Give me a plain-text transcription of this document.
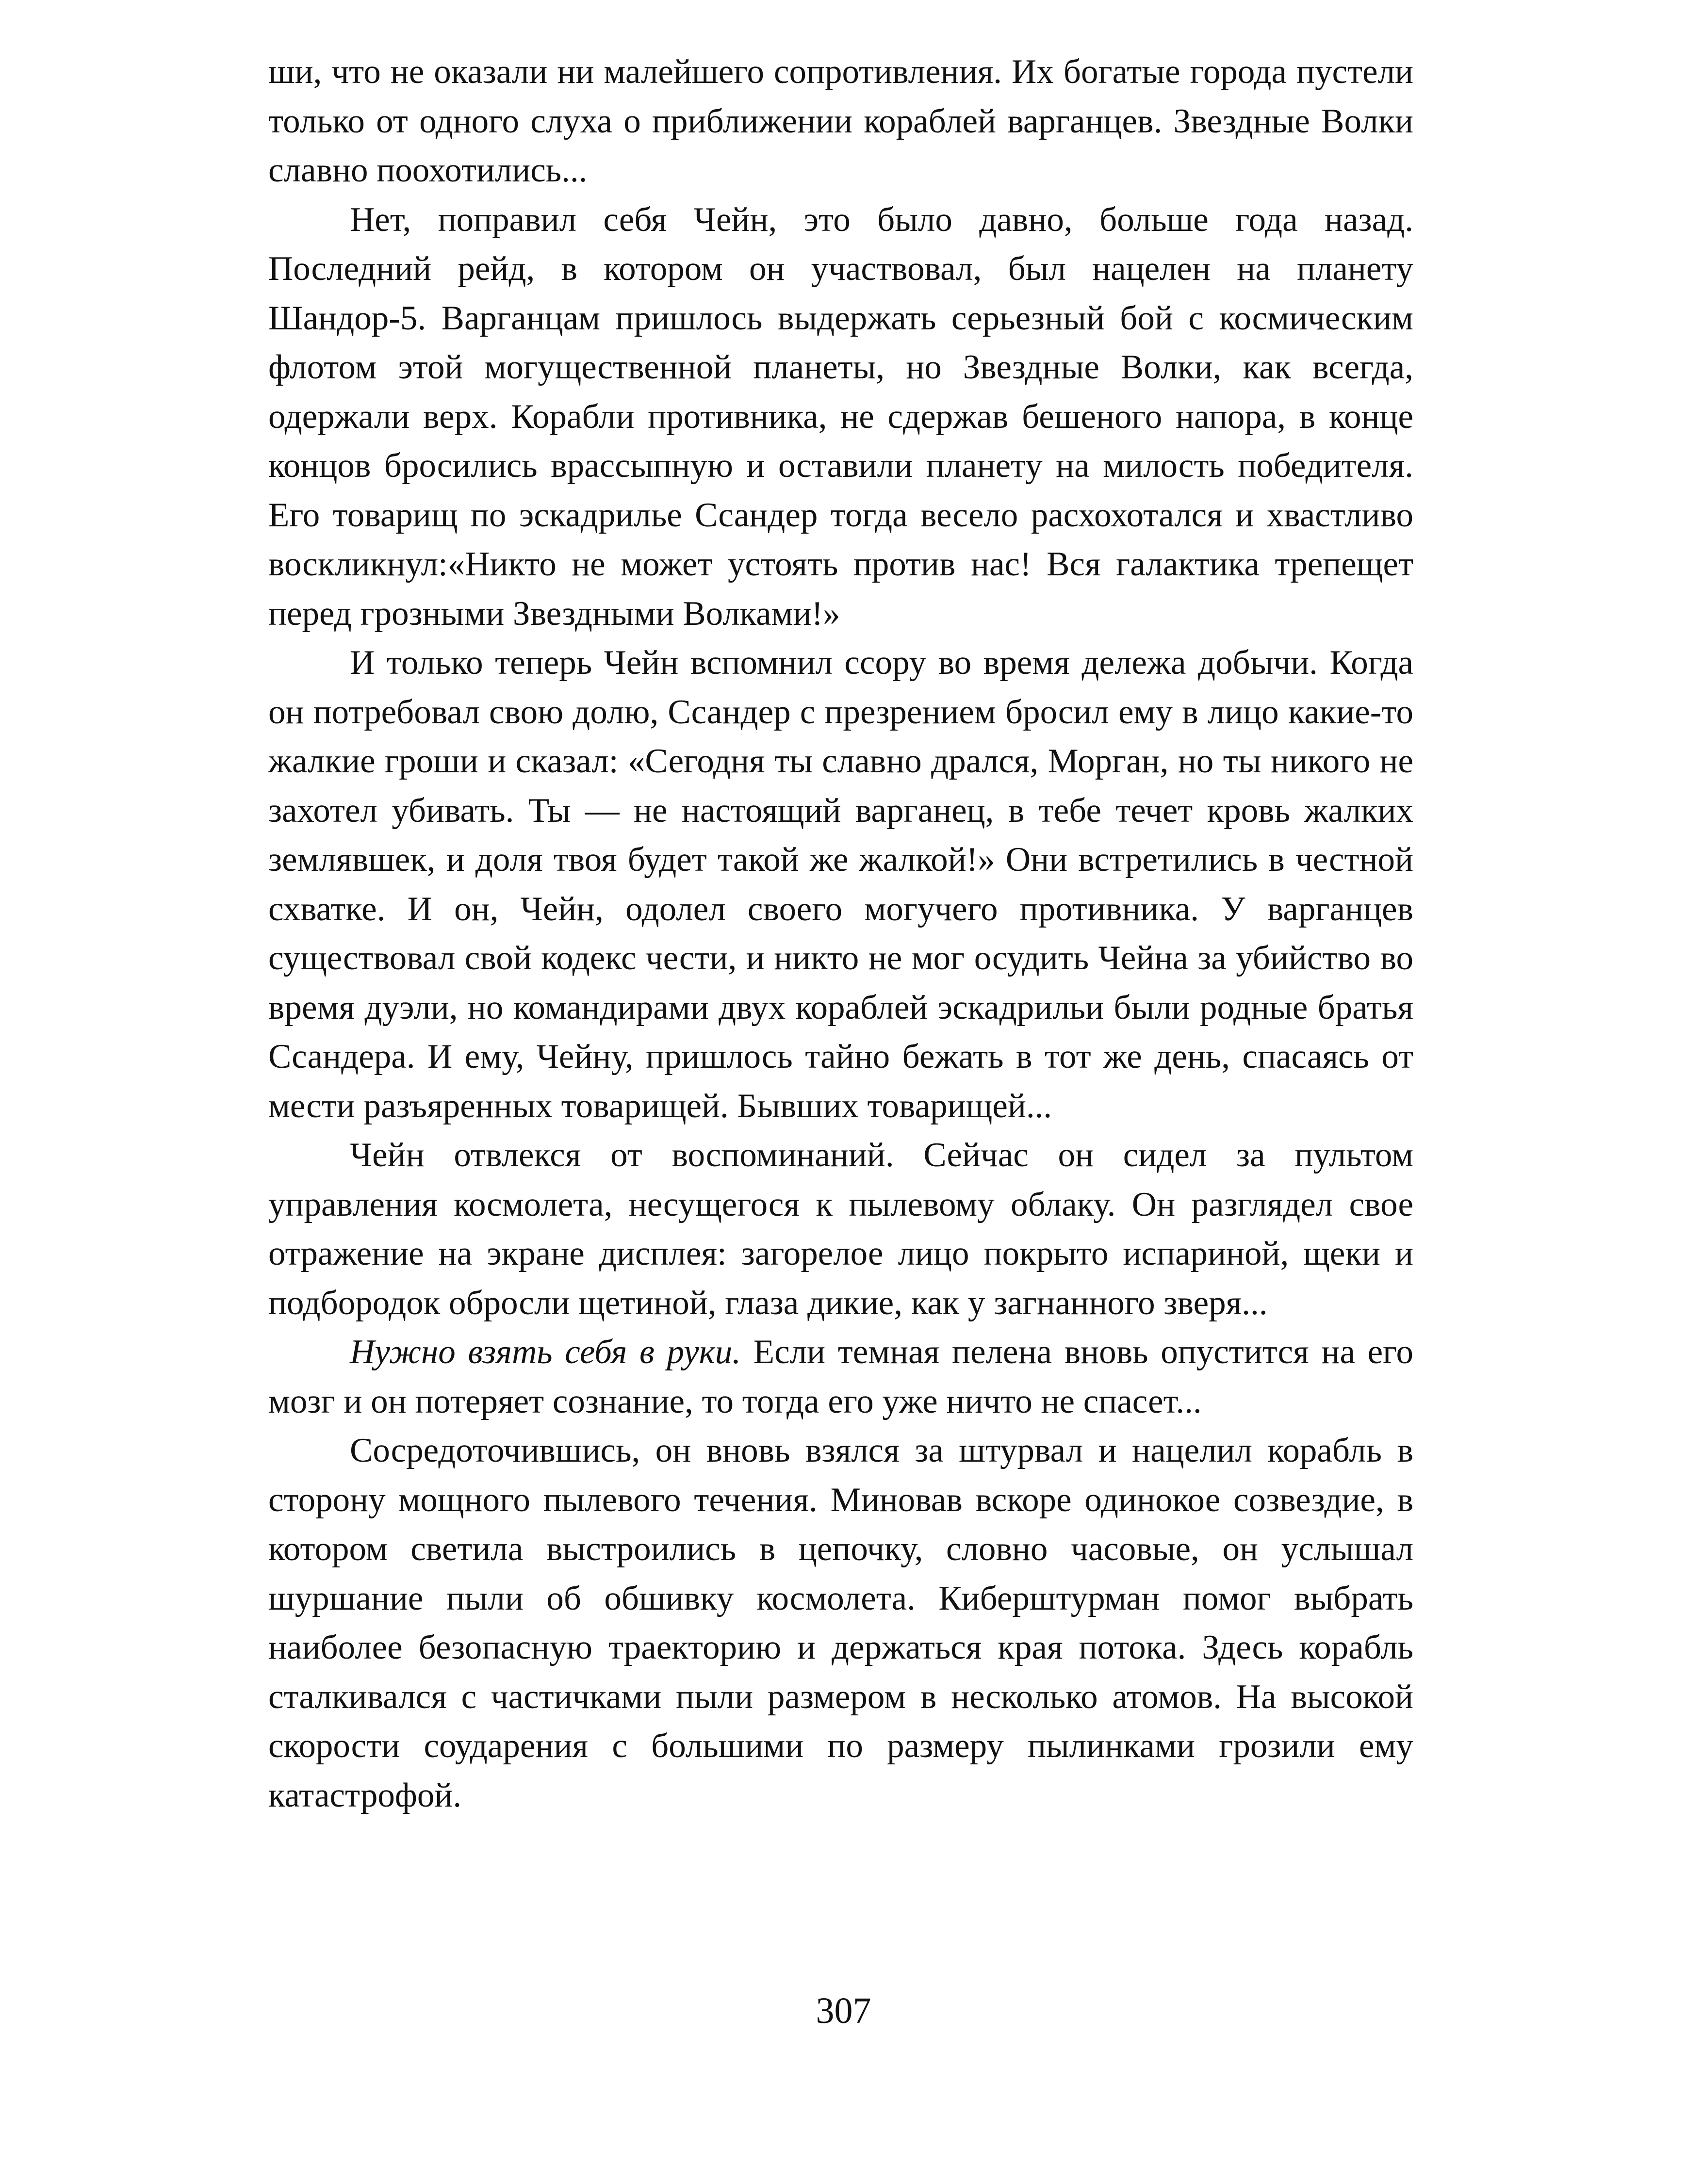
ши, что не оказали ни малейшего сопротивления. Их богатые города пустели только от одного слуха о приближении кораблей варганцев. Звездные Волки славно поохотились...

Нет, поправил себя Чейн, это было давно, больше года назад. Последний рейд, в котором он участвовал, был нацелен на планету Шандор-5. Варганцам пришлось выдержать серьезный бой с космическим флотом этой могущественной планеты, но Звездные Волки, как всегда, одержали верх. Корабли противника, не сдержав бешеного напора, в конце концов бросились врассыпную и оставили планету на милость победителя. Его товарищ по эскадрилье Ссандер тогда весело расхохотался и хвастливо воскликнул:«Никто не может устоять против нас! Вся галактика трепещет перед грозными Звездными Волками!»

И только теперь Чейн вспомнил ссору во время дележа добычи. Когда он потребовал свою долю, Ссандер с презрением бросил ему в лицо какие-то жалкие гроши и сказал: «Сегодня ты славно дрался, Морган, но ты никого не захотел убивать. Ты — не настоящий варганец, в тебе течет кровь жалких землявшек, и доля твоя будет такой же жалкой!» Они встретились в честной схватке. И он, Чейн, одолел своего могучего противника. У варганцев существовал свой кодекс чести, и никто не мог осудить Чейна за убийство во время дуэли, но командирами двух кораблей эскадрильи были родные братья Ссандера. И ему, Чейну, пришлось тайно бежать в тот же день, спасаясь от мести разъяренных товарищей. Бывших товарищей...

Чейн отвлекся от воспоминаний. Сейчас он сидел за пультом управления космолета, несущегося к пылевому облаку. Он разглядел свое отражение на экране дисплея: загорелое лицо покрыто испариной, щеки и подбородок обросли щетиной, глаза дикие, как у загнанного зверя...

Нужно взять себя в руки. Если темная пелена вновь опустится на его мозг и он потеряет сознание, то тогда его уже ничто не спасет...

Сосредоточившись, он вновь взялся за штурвал и нацелил корабль в сторону мощного пылевого течения. Миновав вскоре одинокое созвездие, в котором светила выстроились в цепочку, словно часовые, он услышал шуршание пыли об обшивку космолета. Киберштурман помог выбрать наиболее безопасную траекторию и держаться края потока. Здесь корабль сталкивался с частичками пыли размером в несколько атомов. На высокой скорости соударения с большими по размеру пылинками грозили ему катастрофой.

307
